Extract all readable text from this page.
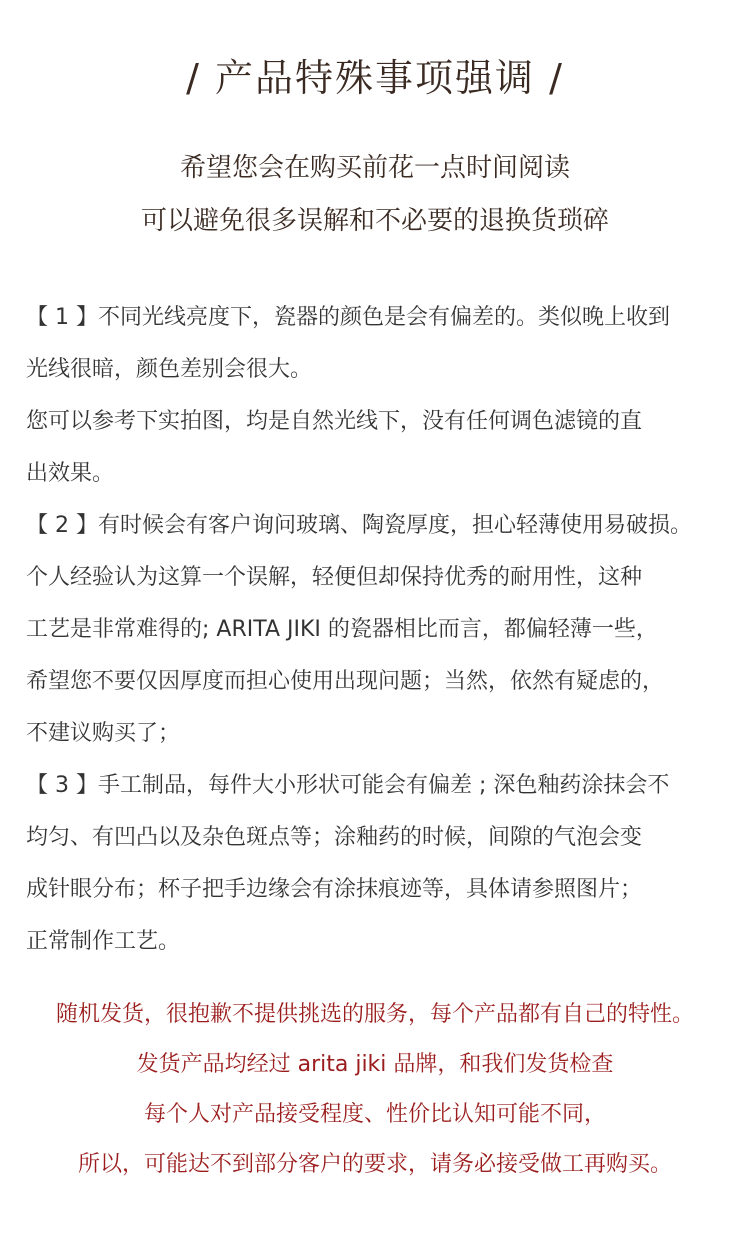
/ 产品特殊事项强调 /
希望您会在购买前花一点时间阅读
可以避免很多误解和不必要的退换货琐碎
【 1 】不同光线亮度下，瓷器的颜色是会有偏差的。类似晚上收到
光线很暗，颜色差别会很大。
您可以参考下实拍图，均是自然光线下，没有任何调色滤镜的直
出效果。
【 2 】有时候会有客户询问玻璃、陶瓷厚度，担心轻薄使用易破损。
个人经验认为这算一个误解，轻便但却保持优秀的耐用性，这种
工艺是非常难得的; ARITA JIKI 的瓷器相比而言，都偏轻薄一些，
希望您不要仅因厚度而担心使用出现问题；当然，依然有疑虑的，
不建议购买了；
【 3 】手工制品，每件大小形状可能会有偏差 ; 深色釉药涂抹会不
均匀、有凹凸以及杂色斑点等；涂釉药的时候，间隙的气泡会变
成针眼分布；杯子把手边缘会有涂抹痕迹等，具体请参照图片；
正常制作工艺。
随机发货，很抱歉不提供挑选的服务，每个产品都有自己的特性。
发货产品均经过 arita jiki 品牌，和我们发货检查
每个人对产品接受程度、性价比认知可能不同，
所以，可能达不到部分客户的要求，请务必接受做工再购买。
